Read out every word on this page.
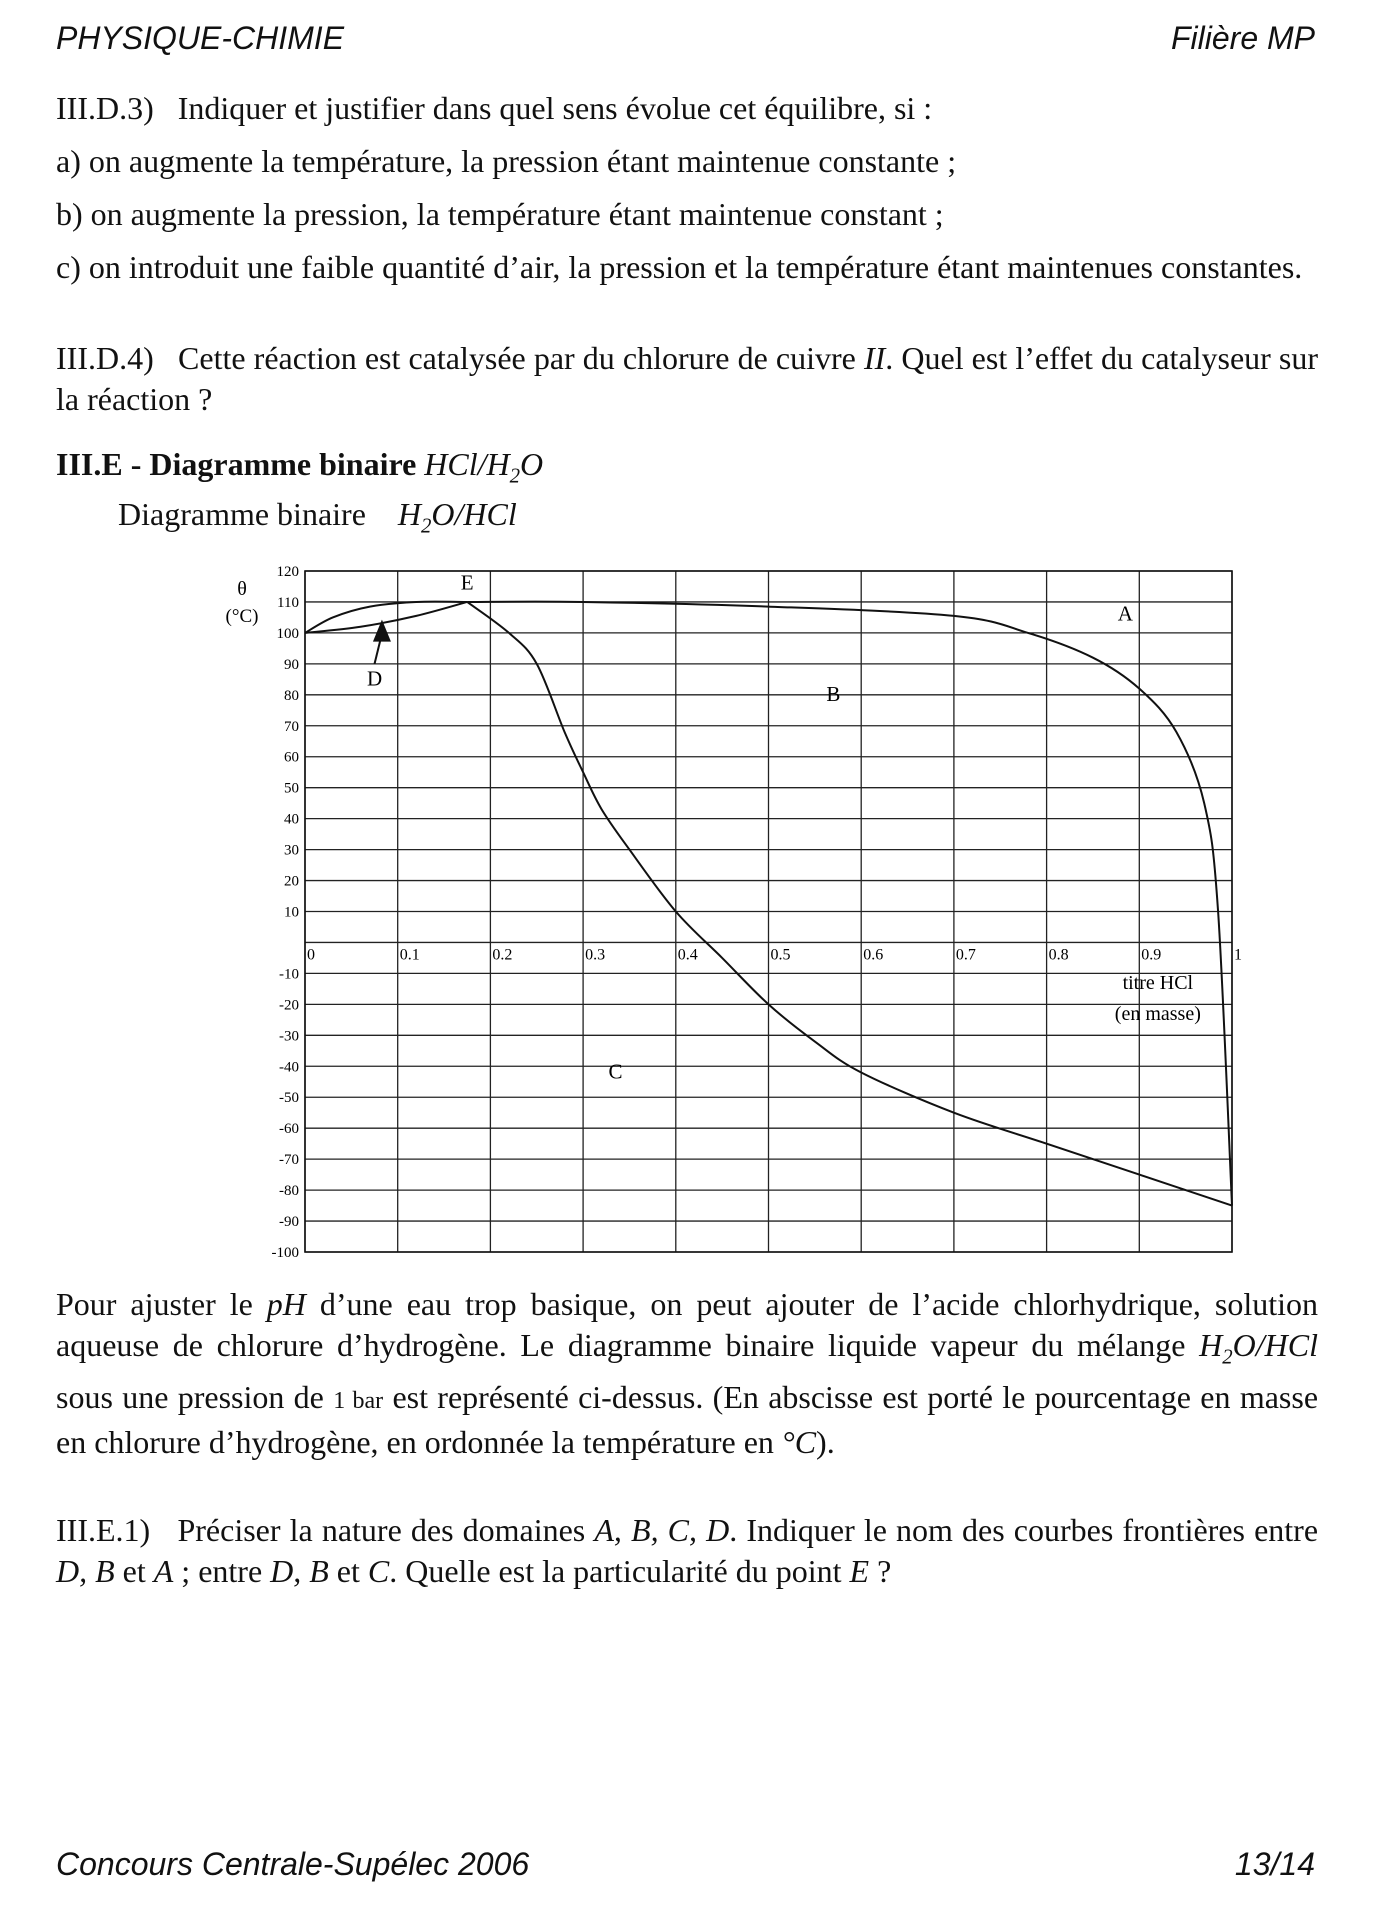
PHYSIQUE-CHIMIE	Filière MP

III.D.3) Indiquer et justifier dans quel sens évolue cet équilibre, si :

a) on augmente la température, la pression étant maintenue constante ;

b) on augmente la pression, la température étant maintenue constant ;

c) on introduit une faible quantité d’air, la pression et la température étant maintenues constantes.

III.D.4) Cette réaction est catalysée par du chlorure de cuivre II. Quel est l’effet du catalyseur sur la réaction ?

III.E - Diagramme binaire HCl/$H_2O$
Diagramme binaire $H_2O$/HCl
120
110
100
90
80
70
60
50
40
30
20
10
-10
-20
-30
-40
-50
-60
-70
-80
-90
-100
0	0.1	0.2	0.3	0.4	0.5	0.6	0.7	0.8	0.9	1
θ
(°C)
titre HCl
(en masse)
A
B
C
D
E

Pour ajuster le pH d’une eau trop basique, on peut ajouter de l’acide chlorhydrique, solution aqueuse de chlorure d’hydrogène. Le diagramme binaire liquide vapeur du mélange $H_2O$/HCl sous une pression de 1 bar est représenté ci-dessus. (En abscisse est porté le pourcentage en masse en chlorure d’hydrogène, en ordonnée la température en °C).

III.E.1) Préciser la nature des domaines A, B, C, D. Indiquer le nom des courbes frontières entre D, B et A ; entre D, B et C. Quelle est la particularité du point E ?

Concours Centrale-Supélec 2006	13/14
